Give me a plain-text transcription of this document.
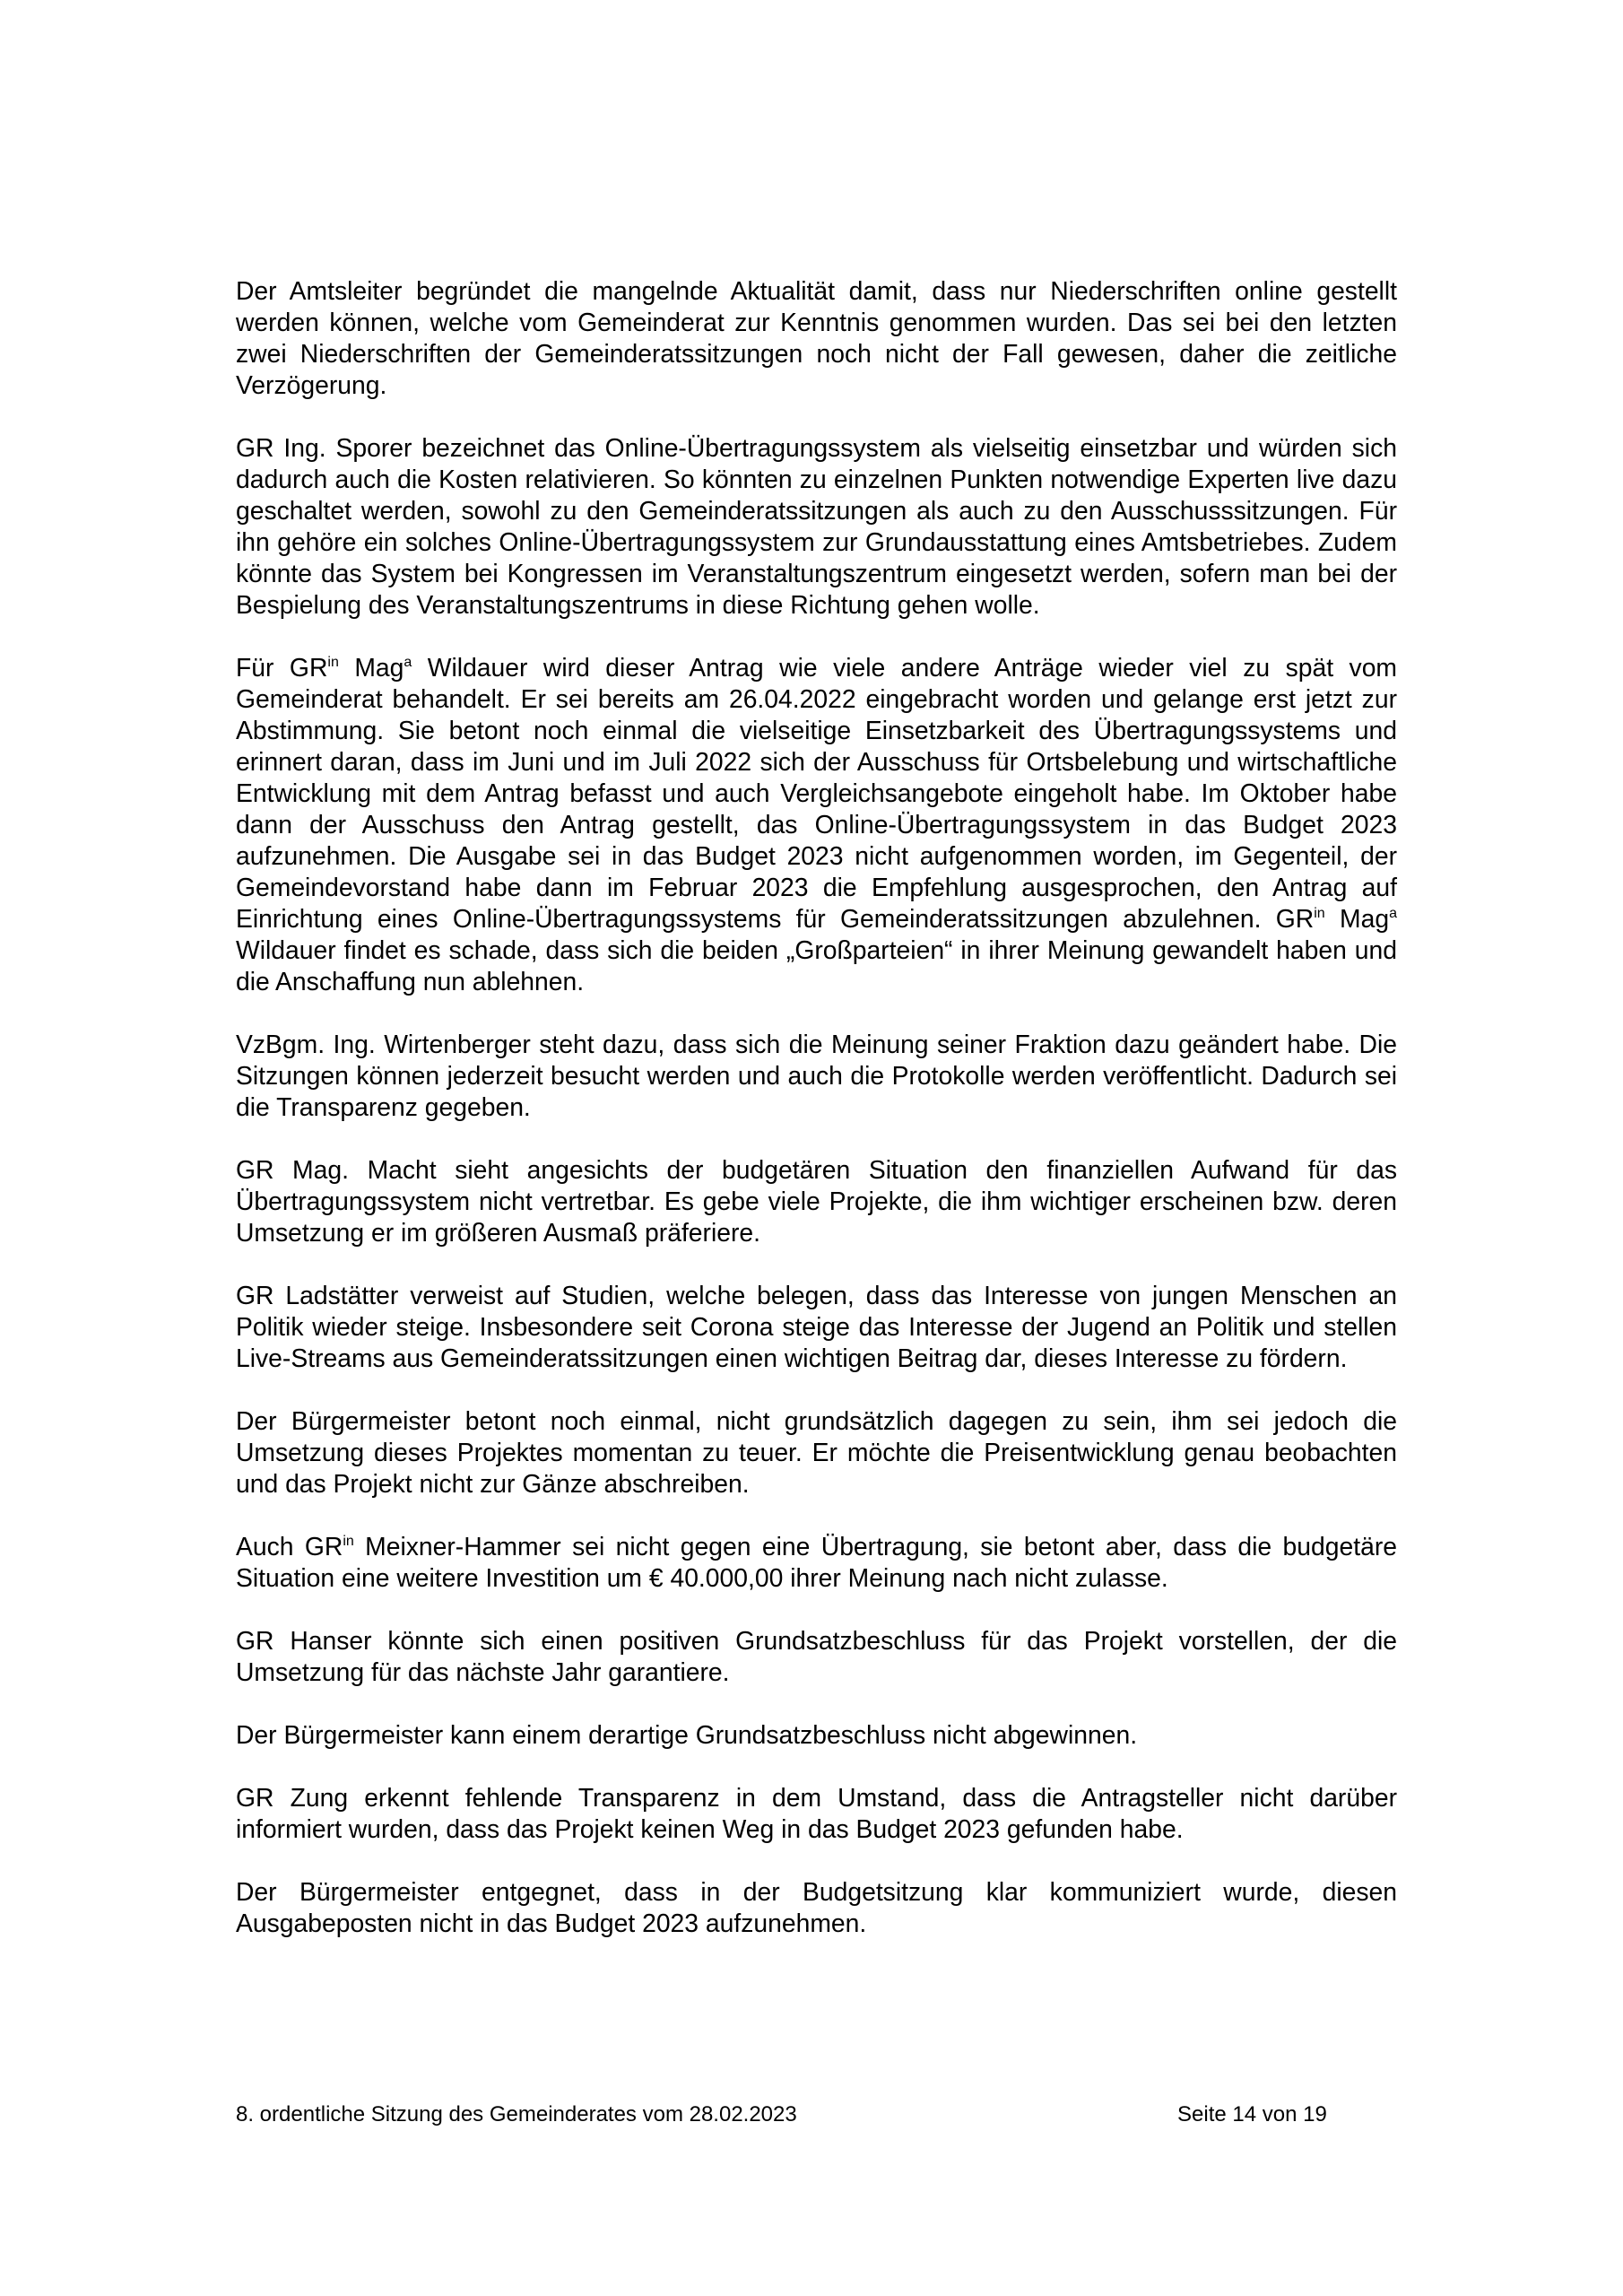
Der Amtsleiter begründet die mangelnde Aktualität damit, dass nur Niederschriften online gestellt werden können, welche vom Gemeinderat zur Kenntnis genommen wurden. Das sei bei den letzten zwei Niederschriften der Gemeinderatssitzungen noch nicht der Fall gewesen, daher die zeitliche Verzögerung.

GR Ing. Sporer bezeichnet das Online-Übertragungssystem als vielseitig einsetzbar und würden sich dadurch auch die Kosten relativieren. So könnten zu einzelnen Punkten notwendige Experten live dazu geschaltet werden, sowohl zu den Gemeinderatssitzungen als auch zu den Ausschusssitzungen. Für ihn gehöre ein solches Online-Übertragungssystem zur Grundausstattung eines Amtsbetriebes. Zudem könnte das System bei Kongressen im Veranstaltungszentrum eingesetzt werden, sofern man bei der Bespielung des Veranstaltungszentrums in diese Richtung gehen wolle.

Für $GR^{in}$ Mag$^a$ Wildauer wird dieser Antrag wie viele andere Anträge wieder viel zu spät vom Gemeinderat behandelt. Er sei bereits am 26.04.2022 eingebracht worden und gelange erst jetzt zur Abstimmung. Sie betont noch einmal die vielseitige Einsetzbarkeit des Übertragungssystems und erinnert daran, dass im Juni und im Juli 2022 sich der Ausschuss für Ortsbelebung und wirtschaftliche Entwicklung mit dem Antrag befasst und auch Vergleichsangebote eingeholt habe. Im Oktober habe dann der Ausschuss den Antrag gestellt, das Online-Übertragungssystem in das Budget 2023 aufzunehmen. Die Ausgabe sei in das Budget 2023 nicht aufgenommen worden, im Gegenteil, der Gemeindevorstand habe dann im Februar 2023 die Empfehlung ausgesprochen, den Antrag auf Einrichtung eines Online-Übertragungssystems für Gemeinderatssitzungen abzulehnen. $GR^{in}$ Mag$^a$ Wildauer findet es schade, dass sich die beiden „Großparteien“ in ihrer Meinung gewandelt haben und die Anschaffung nun ablehnen.

VzBgm. Ing. Wirtenberger steht dazu, dass sich die Meinung seiner Fraktion dazu geändert habe. Die Sitzungen können jederzeit besucht werden und auch die Protokolle werden veröffentlicht. Dadurch sei die Transparenz gegeben.

GR Mag. Macht sieht angesichts der budgetären Situation den finanziellen Aufwand für das Übertragungssystem nicht vertretbar. Es gebe viele Projekte, die ihm wichtiger erscheinen bzw. deren Umsetzung er im größeren Ausmaß präferiere.

GR Ladstätter verweist auf Studien, welche belegen, dass das Interesse von jungen Menschen an Politik wieder steige. Insbesondere seit Corona steige das Interesse der Jugend an Politik und stellen Live-Streams aus Gemeinderatssitzungen einen wichtigen Beitrag dar, dieses Interesse zu fördern.

Der Bürgermeister betont noch einmal, nicht grundsätzlich dagegen zu sein, ihm sei jedoch die Umsetzung dieses Projektes momentan zu teuer. Er möchte die Preisentwicklung genau beobachten und das Projekt nicht zur Gänze abschreiben.

Auch $GR^{in}$ Meixner-Hammer sei nicht gegen eine Übertragung, sie betont aber, dass die budgetäre Situation eine weitere Investition um € 40.000,00 ihrer Meinung nach nicht zulasse.

GR Hanser könnte sich einen positiven Grundsatzbeschluss für das Projekt vorstellen, der die Umsetzung für das nächste Jahr garantiere.

Der Bürgermeister kann einem derartige Grundsatzbeschluss nicht abgewinnen.

GR Zung erkennt fehlende Transparenz in dem Umstand, dass die Antragsteller nicht darüber informiert wurden, dass das Projekt keinen Weg in das Budget 2023 gefunden habe.

Der Bürgermeister entgegnet, dass in der Budgetsitzung klar kommuniziert wurde, diesen Ausgabeposten nicht in das Budget 2023 aufzunehmen.

8. ordentliche Sitzung des Gemeinderates vom 28.02.2023	Seite 14 von 19
